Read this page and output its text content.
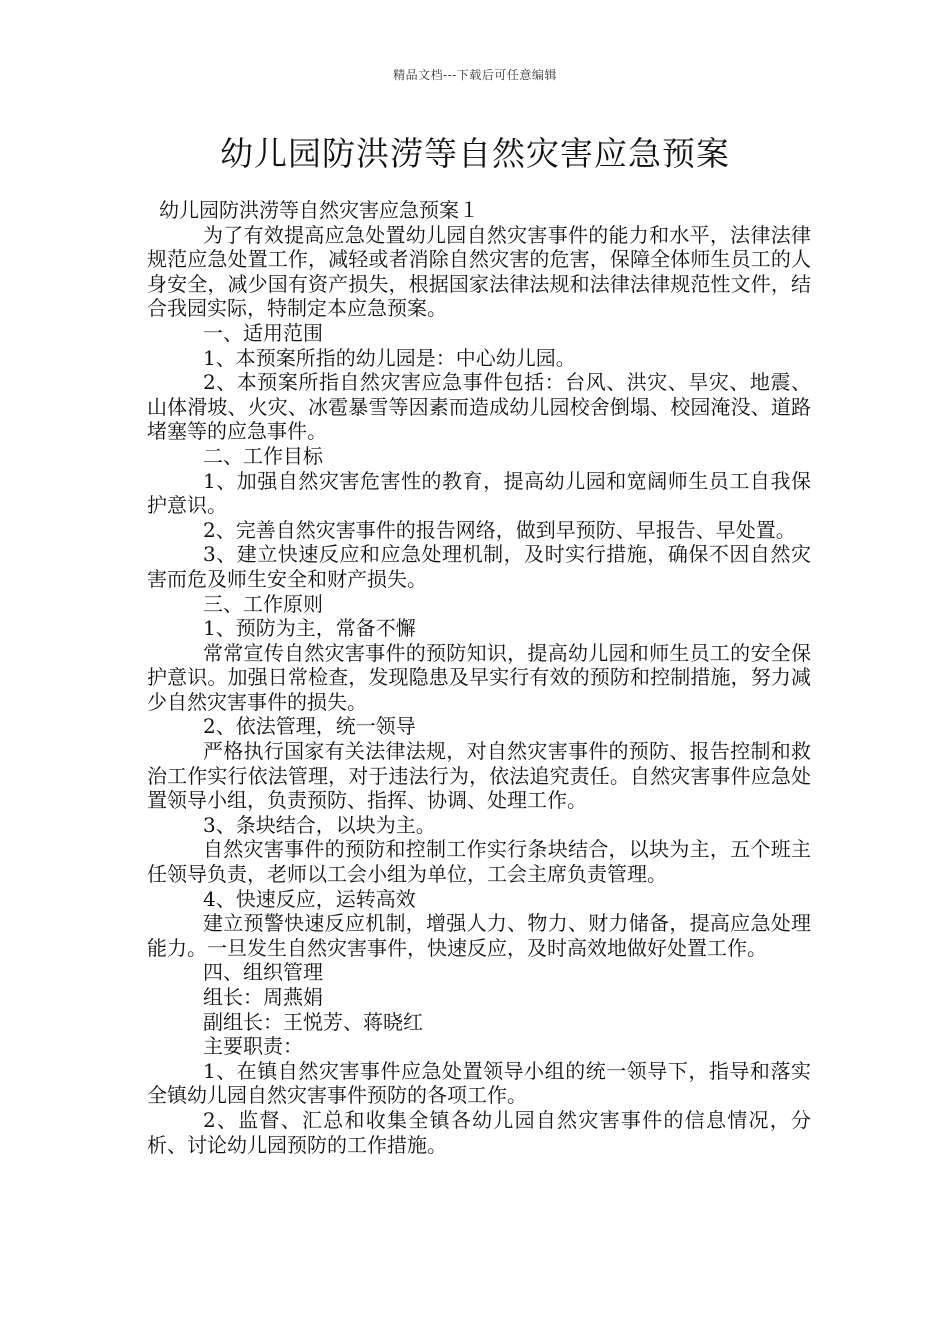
精品文档---下载后可任意编辑
幼儿园防洪涝等自然灾害应急预案

幼儿园防洪涝等自然灾害应急预案１

为了有效提高应急处置幼儿园自然灾害事件的能力和水平，法律法律规范应急处置工作，减轻或者消除自然灾害的危害，保障全体师生员工的人身安全，减少国有资产损失，根据国家法律法规和法律法律规范性文件，结合我园实际，特制定本应急预案。

一、适用范围

1、本预案所指的幼儿园是：中心幼儿园。

2、本预案所指自然灾害应急事件包括：台风、洪灾、旱灾、地震、山体滑坡、火灾、冰雹暴雪等因素而造成幼儿园校舍倒塌、校园淹没、道路堵塞等的应急事件。

二、工作目标

1、加强自然灾害危害性的教育，提高幼儿园和宽阔师生员工自我保护意识。

2、完善自然灾害事件的报告网络，做到早预防、早报告、早处置。

3、建立快速反应和应急处理机制，及时实行措施，确保不因自然灾害而危及师生安全和财产损失。

三、工作原则

1、预防为主，常备不懈

常常宣传自然灾害事件的预防知识，提高幼儿园和师生员工的安全保护意识。加强日常检查，发现隐患及早实行有效的预防和控制措施，努力减少自然灾害事件的损失。

2、依法管理，统一领导

严格执行国家有关法律法规，对自然灾害事件的预防、报告控制和救治工作实行依法管理，对于违法行为，依法追究责任。自然灾害事件应急处置领导小组，负责预防、指挥、协调、处理工作。

3、条块结合，以块为主。

自然灾害事件的预防和控制工作实行条块结合，以块为主，五个班主任领导负责，老师以工会小组为单位，工会主席负责管理。

4、快速反应，运转高效

建立预警快速反应机制，增强人力、物力、财力储备，提高应急处理能力。一旦发生自然灾害事件，快速反应，及时高效地做好处置工作。

四、组织管理

组长：周燕娟

副组长：王悦芳、蒋晓红

主要职责：

1、在镇自然灾害事件应急处置领导小组的统一领导下，指导和落实全镇幼儿园自然灾害事件预防的各项工作。

2、监督、汇总和收集全镇各幼儿园自然灾害事件的信息情况，分析、讨论幼儿园预防的工作措施。
